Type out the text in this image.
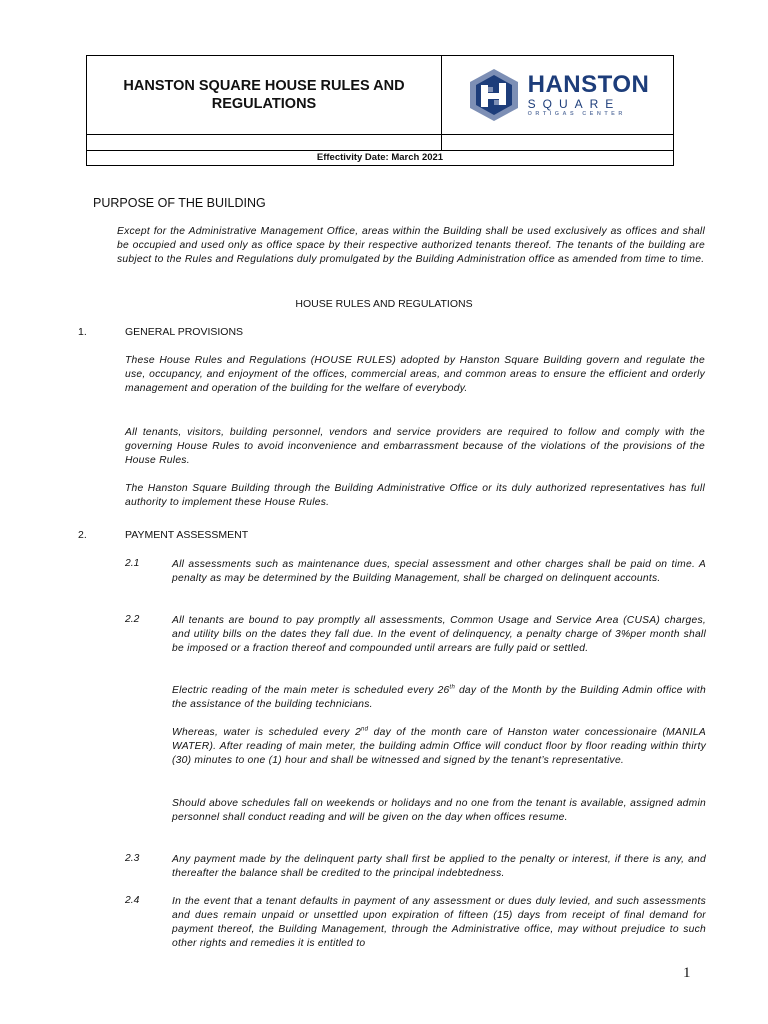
HANSTON SQUARE HOUSE RULES AND
REGULATIONS
HANSTON
SQUARE
ORTIGAS CENTER
Effectivity Date: March 2021
PURPOSE OF THE BUILDING
Except for the Administrative Management Office, areas within the Building shall be used exclusively as offices and shall be occupied and used only as office space by their respective authorized tenants thereof. The tenants of the building are subject to the Rules and Regulations duly promulgated by the Building Administration office as amended from time to time.
HOUSE RULES AND REGULATIONS
1.	GENERAL PROVISIONS
These House Rules and Regulations (HOUSE RULES) adopted by Hanston Square Building govern and regulate the use, occupancy, and enjoyment of the offices, commercial areas, and common areas to ensure the efficient and orderly management and operation of the building for the welfare of everybody.
All tenants, visitors, building personnel, vendors and service providers are required to follow and comply with the governing House Rules to avoid inconvenience and embarrassment because of the violations of the provisions of the House Rules.
The Hanston Square Building through the Building Administrative Office or its duly authorized representatives has full authority to implement these House Rules.
2.	PAYMENT ASSESSMENT
2.1	All assessments such as maintenance dues, special assessment and other charges shall be paid on time. A penalty as may be determined by the Building Management, shall be charged on delinquent accounts.
2.2	All tenants are bound to pay promptly all assessments, Common Usage and Service Area (CUSA) charges, and utility bills on the dates they fall due. In the event of delinquency, a penalty charge of 3%per month shall be imposed or a fraction thereof and compounded until arrears are fully paid or settled.
Electric reading of the main meter is scheduled every 26th day of the Month by the Building Admin office with the assistance of the building technicians.
Whereas, water is scheduled every 2nd day of the month care of Hanston water concessionaire (MANILA WATER). After reading of main meter, the building admin Office will conduct floor by floor reading within thirty (30) minutes to one (1) hour and shall be witnessed and signed by the tenant’s representative.
Should above schedules fall on weekends or holidays and no one from the tenant is available, assigned admin personnel shall conduct reading and will be given on the day when offices resume.
2.3	Any payment made by the delinquent party shall first be applied to the penalty or interest, if there is any, and thereafter the balance shall be credited to the principal indebtedness.
2.4	In the event that a tenant defaults in payment of any assessment or dues duly levied, and such assessments and dues remain unpaid or unsettled upon expiration of fifteen (15) days from receipt of final demand for payment thereof, the Building Management, through the Administrative office, may without prejudice to such other rights and remedies it is entitled to
1
